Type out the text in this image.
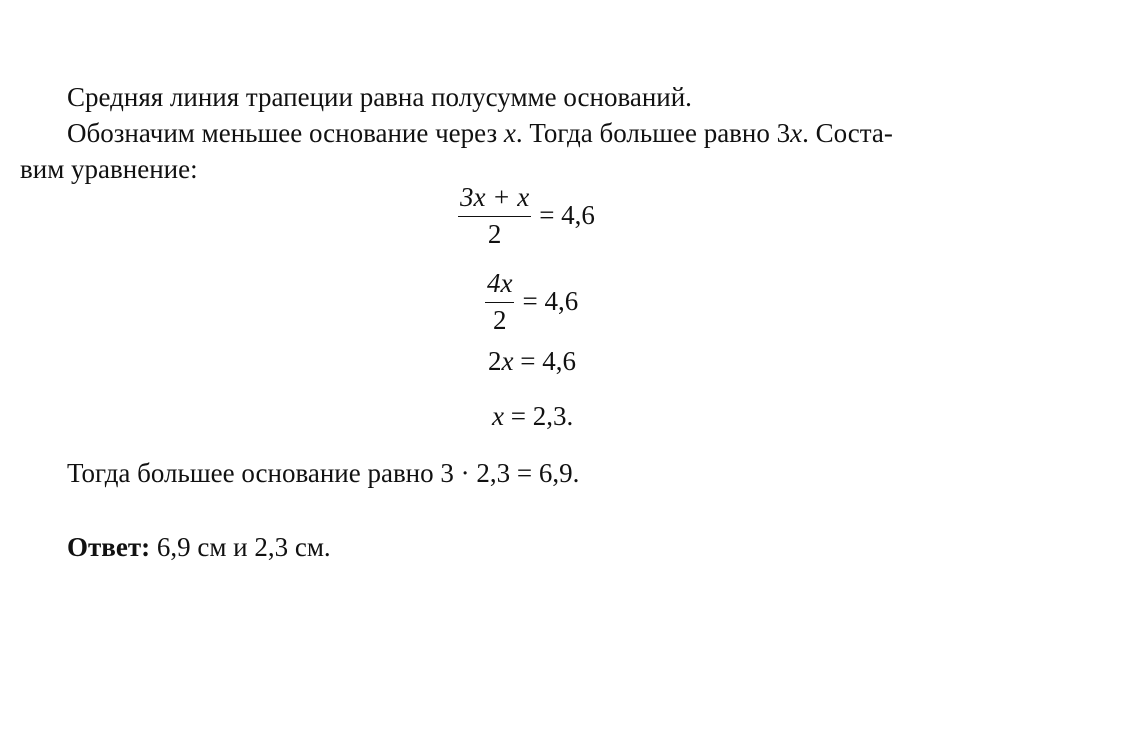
Средняя линия трапеции равна полусумме оснований.
Обозначим меньшее основание через x. Тогда большее равно 3x. Соста-
вим уравнение:
$\frac{3x + x}{2} = 4,6$
$\frac{4x}{2} = 4,6$
2 x
= 4,6
x
= 2,3.
Тогда большее основание равно 3 · 2,3 = 6,9.
Ответ: 6,9 см и 2,3 см.
